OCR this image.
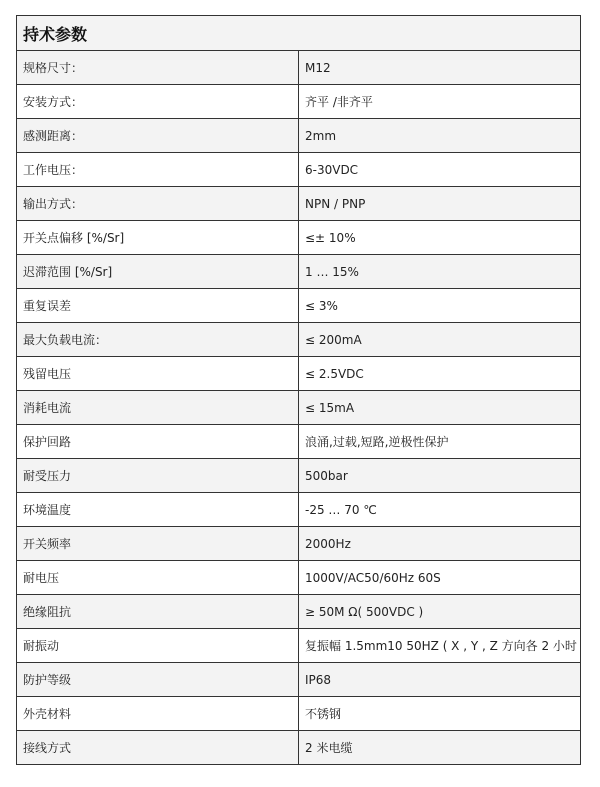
持术参数	
规格尺寸：	M12
安装方式：	齐平 /非齐平
感测距离：	2mm
工作电压：	6-30VDC
输出方式：	NPN / PNP
开关点偏移 [%/Sr]	≤± 10%
迟滞范围 [%/Sr]	1 … 15%
重复误差	≤ 3%
最大负载电流：	≤ 200mA
残留电压	≤ 2.5VDC
消耗电流	≤ 15mA
保护回路	浪涌,过载,短路,逆极性保护
耐受压力	500bar
环境温度	-25 … 70 ℃
开关频率	2000Hz
耐电压	1000V/AC50/60Hz 60S
绝缘阻抗	≥ 50M Ω( 500VDC )
耐振动	复振幅 1.5mm10 50HZ ( X , Y , Z 方向各 2 小时
防护等级	IP68
外壳材料	不锈钢
接线方式	2 米电缆
